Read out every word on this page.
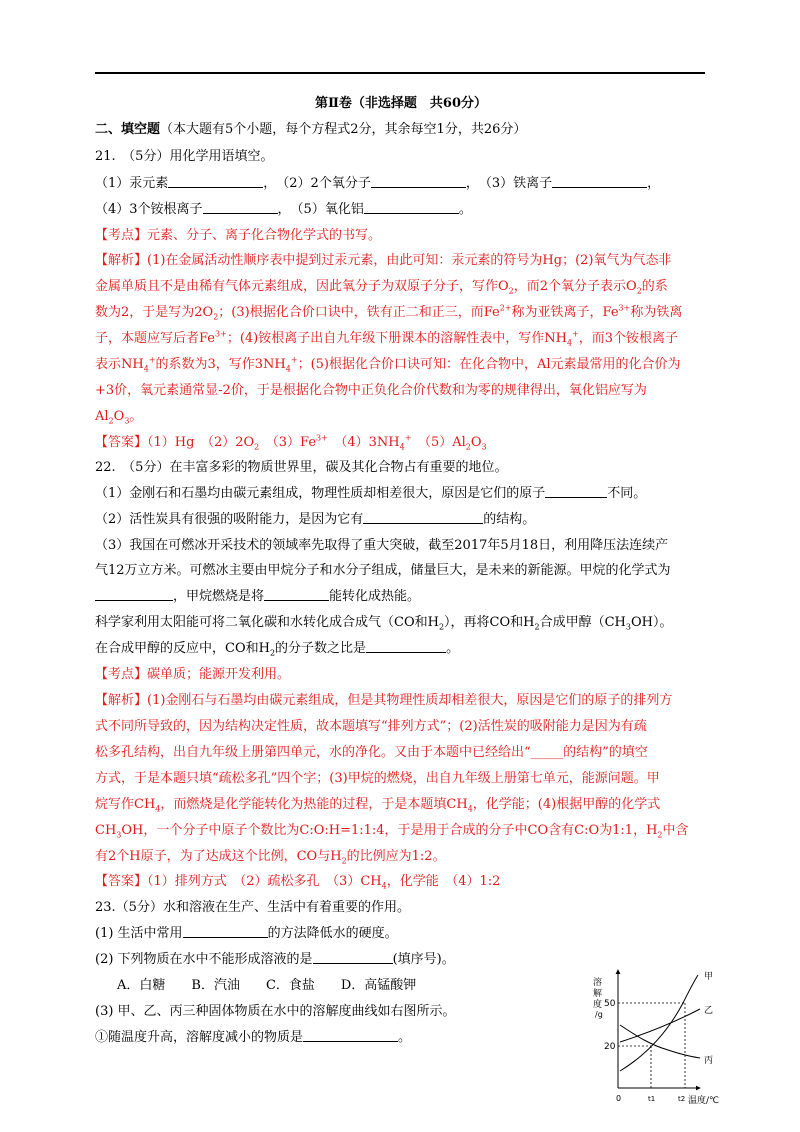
第Ⅱ卷（非选择题　共60分）
二、填空题（本大题有5个小题，每个方程式2分，其余每空1分，共26分）
21.　（5分）用化学用语填空。
（1）汞元素	，　（2）2个氧分子	，　（3）铁离子	，
（4）3个铵根离子	，　（5）氧化铝	。
【考点】元素、分子、离子化合物化学式的书写。
【解析】(1)在金属活动性顺序表中提到过汞元素，由此可知：汞元素的符号为Hg；(2)氧气为气态非
金属单质且不是由稀有气体元素组成，因此氧分子为双原子分子，写作$O_2$，而2个氧分子表示$O_2$的系
数为2，于是写为$2O_2$；(3)根据化合价口诀中，铁有正二和正三，而$Fe^{2+}$称为亚铁离子，$Fe^{3+}$称为铁离
子，本题应写后者$Fe^{3+}$；(4)铵根离子出自九年级下册课本的溶解性表中，写作$NH_4^+$，而3个铵根离子
表示$NH_4^+$的系数为3，写作$3NH_4^+$；(5)根据化合价口诀可知：在化合物中，Al元素最常用的化合价为
+3价，氧元素通常显-2价，于是根据化合物中正负化合价代数和为零的规律得出，氧化铝应写为
$Al_2O_3$。
【答案】（1）Hg　$(2)2O_2$　 $(3)Fe^{3+}$　 $(4)3NH_4^+$　 $(5)Al_2O_3$
22.　（5分）在丰富多彩的物质世界里，碳及其化合物占有重要的地位。
（1）金刚石和石墨均由碳元素组成，物理性质却相差很大，原因是它们的原子	不同。
（2）活性炭具有很强的吸附能力，是因为它有	的结构。
（3）我国在可燃冰开采技术的领域率先取得了重大突破，截至2017年5月18日，利用降压法连续产
气12万立方米。可燃冰主要由甲烷分子和水分子组成，储量巨大，是未来的新能源。甲烷的化学式为
，甲烷燃烧是将	能转化成热能。
科学家利用太阳能可将二氧化碳和水转化成合成气（CO和$H_2$），再将CO和$H_2$合成甲醇$(CH_3OH)$。
在合成甲醇的反应中，CO和$H_2$的分子数之比是	。
【考点】碳单质；能源开发利用。
【解析】(1)金刚石与石墨均由碳元素组成，但是其物理性质却相差很大，原因是它们的原子的排列方
式不同所导致的，因为结构决定性质，故本题填写“排列方式”；(2)活性炭的吸附能力是因为有疏
松多孔结构，出自九年级上册第四单元，水的净化。又由于本题中已经给出“_____的结构”的填空
方式，于是本题只填“疏松多孔”四个字；(3)甲烷的燃烧，出自九年级上册第七单元，能源问题。甲
烷写作$CH_4$，而燃烧是化学能转化为热能的过程，于是本题填$CH_4$，化学能；(4)根据甲醇的化学式
$CH_3OH$，一个分子中原子个数比为C:O:H=1:1:4，于是用于合成的分子中CO含有C:O为1:1，$H_2$中含
有2个H原子，为了达成这个比例，CO与$H_2$的比例应为1:2。
【答案】（1）排列方式　（2）疏松多孔　$(3)CH_4$，化学能　（4）1:2
23.（5分）水和溶液在生产、生活中有着重要的作用。
(1) 生活中常用	的方法降低水的硬度。
(2) 下列物质在水中不能形成溶液的是	(填序号)。
A．白糖　　B．汽油　　C．食盐　　D．高锰酸钾
(3) 甲、乙、丙三种固体物质在水中的溶解度曲线如右图所示。
①随温度升高，溶解度减小的物质是	。
溶
解
度
/g
50
20
0	t1	t2 温度/℃
甲
乙
丙
